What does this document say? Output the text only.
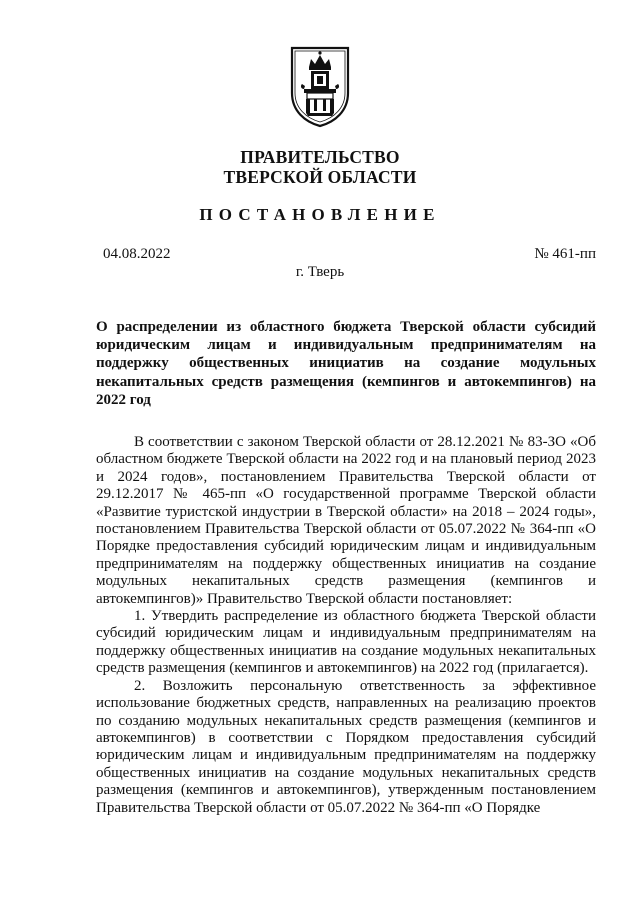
ПРАВИТЕЛЬСТВО
ТВЕРСКОЙ ОБЛАСТИ
ПОСТАНОВЛЕНИЕ
04.08.2022	№ 461-пп
г. Тверь
О распределении из областного бюджета Тверской области субсидий юридическим лицам и индивидуальным предпринимателям на поддержку общественных инициатив на создание модульных некапитальных средств размещения (кемпингов и автокемпингов) на 2022 год

В соответствии с законом Тверской области от 28.12.2021 № 83-ЗО «Об областном бюджете Тверской области на 2022 год и на плановый период 2023 и 2024 годов», постановлением Правительства Тверской области от 29.12.2017 № 465-пп «О государственной программе Тверской области «Развитие туристской индустрии в Тверской области» на 2018 – 2024 годы», постановлением Правительства Тверской области от 05.07.2022 № 364-пп «О Порядке предоставления субсидий юридическим лицам и индивидуальным предпринимателям на поддержку общественных инициатив на создание модульных некапитальных средств размещения (кемпингов и автокемпингов)» Правительство Тверской области постановляет:

1. Утвердить распределение из областного бюджета Тверской области субсидий юридическим лицам и индивидуальным предпринимателям на поддержку общественных инициатив на создание модульных некапитальных средств размещения (кемпингов и автокемпингов) на 2022 год (прилагается).

2. Возложить персональную ответственность за эффективное использование бюджетных средств, направленных на реализацию проектов по созданию модульных некапитальных средств размещения (кемпингов и автокемпингов) в соответствии с Порядком предоставления субсидий юридическим лицам и индивидуальным предпринимателям на поддержку общественных инициатив на создание модульных некапитальных средств размещения (кемпингов и автокемпингов), утвержденным постановлением Правительства Тверской области от 05.07.2022 № 364-пп «О Порядке
